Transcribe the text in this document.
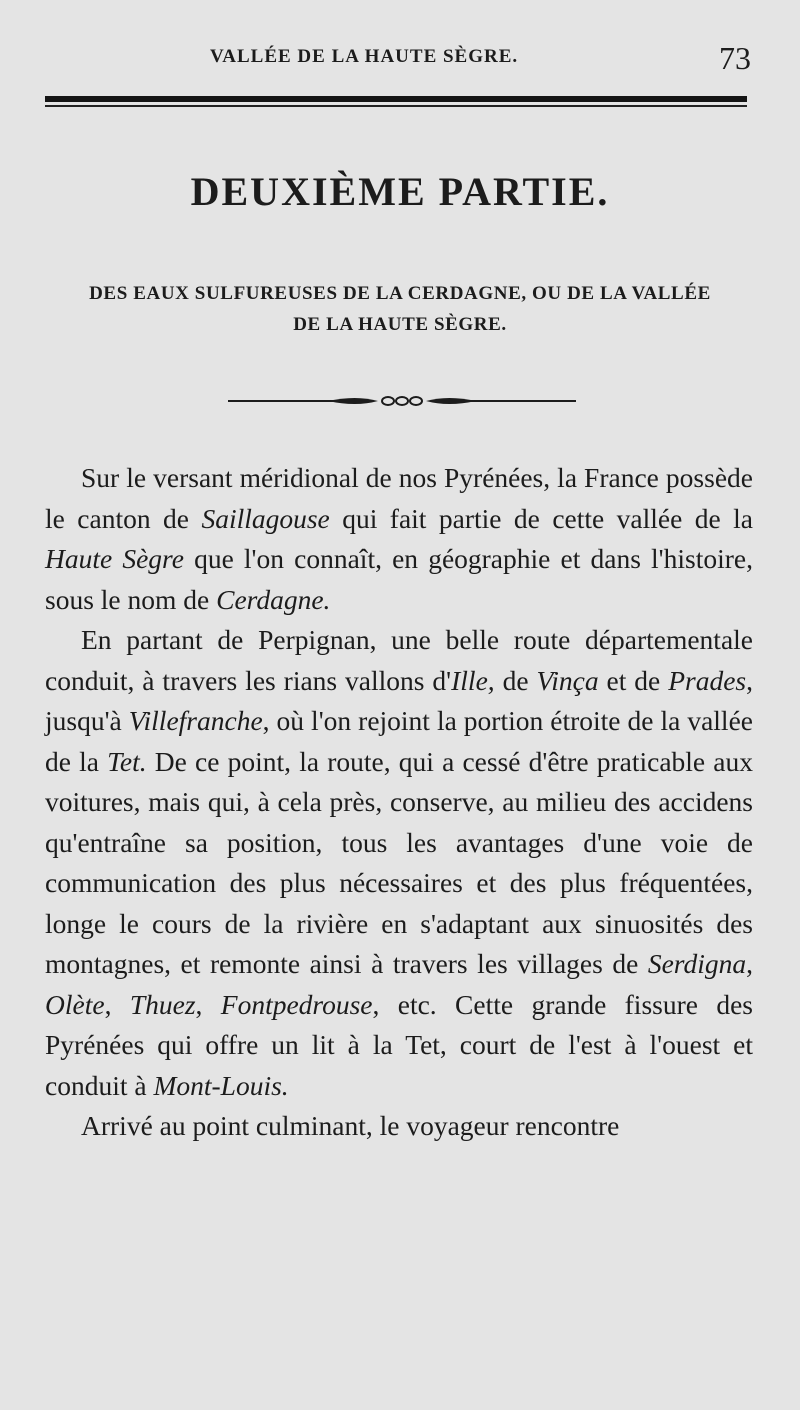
VALLÉE DE LA HAUTE SÈGRE.	73
DEUXIÈME PARTIE.
DES EAUX SULFUREUSES DE LA CERDAGNE, OU DE LA VALLÉE
DE LA HAUTE SÈGRE.

Sur le versant méridional de nos Pyrénées, la France possède le canton de Saillagouse qui fait partie de cette vallée de la Haute Sègre que l'on connaît, en géographie et dans l'histoire, sous le nom de Cerdagne.

En partant de Perpignan, une belle route départementale conduit, à travers les rians vallons d'Ille, de Vinça et de Prades, jusqu'à Villefranche, où l'on rejoint la portion étroite de la vallée de la Tet. De ce point, la route, qui a cessé d'être praticable aux voitures, mais qui, à cela près, conserve, au milieu des accidens qu'entraîne sa position, tous les avantages d'une voie de communication des plus nécessaires et des plus fréquentées, longe le cours de la rivière en s'adaptant aux sinuosités des montagnes, et remonte ainsi à travers les villages de Serdigna, Olète, Thuez, Fontpedrouse, etc. Cette grande fissure des Pyrénées qui offre un lit à la Tet, court de l'est à l'ouest et conduit à Mont-Louis.

Arrivé au point culminant, le voyageur rencontre
